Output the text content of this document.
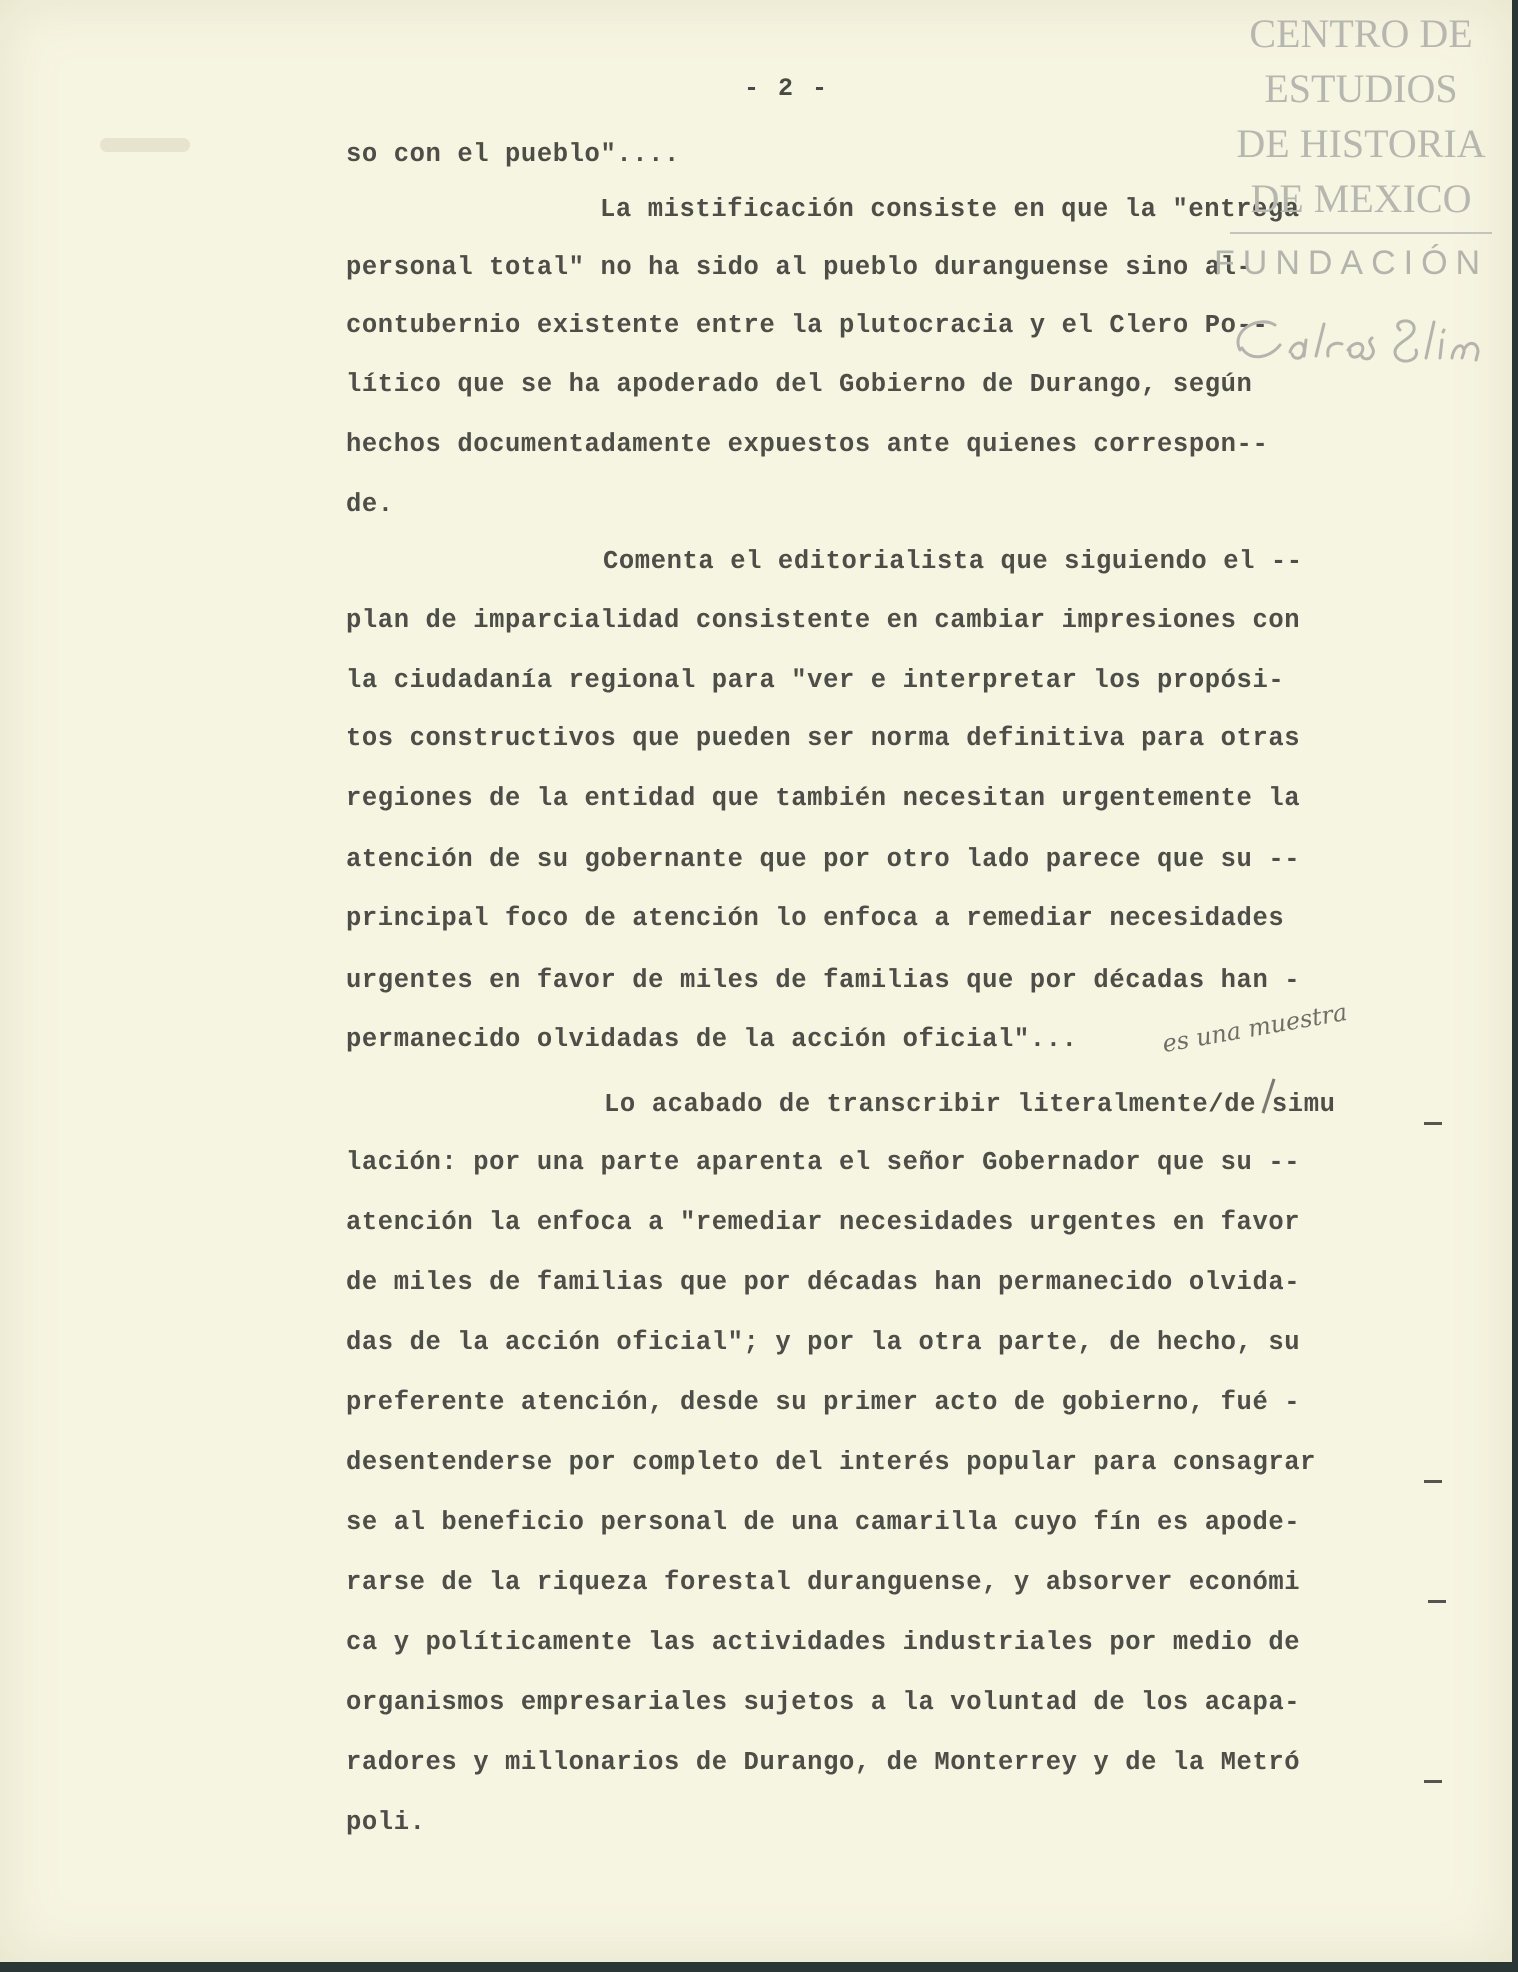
- 2 -
so con el pueblo"....
La mistificación consiste en que la "entrega
personal total" no ha sido al pueblo duranguense sino al-
contubernio existente entre la plutocracia y el Clero Po--
lítico que se ha apoderado del Gobierno de Durango, según
hechos documentadamente expuestos ante quienes correspon--
de.
Comenta el editorialista que siguiendo el --
plan de imparcialidad consistente en cambiar impresiones con
la ciudadanía regional para "ver e interpretar los propósi-
tos constructivos que pueden ser norma definitiva para otras
regiones de la entidad que también necesitan urgentemente la
atención de su gobernante que por otro lado parece que su --
principal foco de atención lo enfoca a remediar necesidades
urgentes en favor de miles de familias que por décadas han -
permanecido olvidadas de la acción oficial"...
Lo acabado de transcribir literalmente/de simu
lación: por una parte aparenta el señor Gobernador que su --
atención la enfoca a "remediar necesidades urgentes en favor
de miles de familias que por décadas han permanecido olvida-
das de la acción oficial"; y por la otra parte, de hecho, su
preferente atención, desde su primer acto de gobierno, fué -
desentenderse por completo del interés popular para consagrar
se al beneficio personal de una camarilla cuyo fín es apode-
rarse de la riqueza forestal duranguense, y absorver económi
ca y políticamente las actividades industriales por medio de
organismos empresariales sujetos a la voluntad de los acapa-
radores y millonarios de Durango, de Monterrey y de la Metró
poli.
es una muestra
CENTRO DE
ESTUDIOS
DE HISTORIA
DE MEXICO
FUNDACIÓN
